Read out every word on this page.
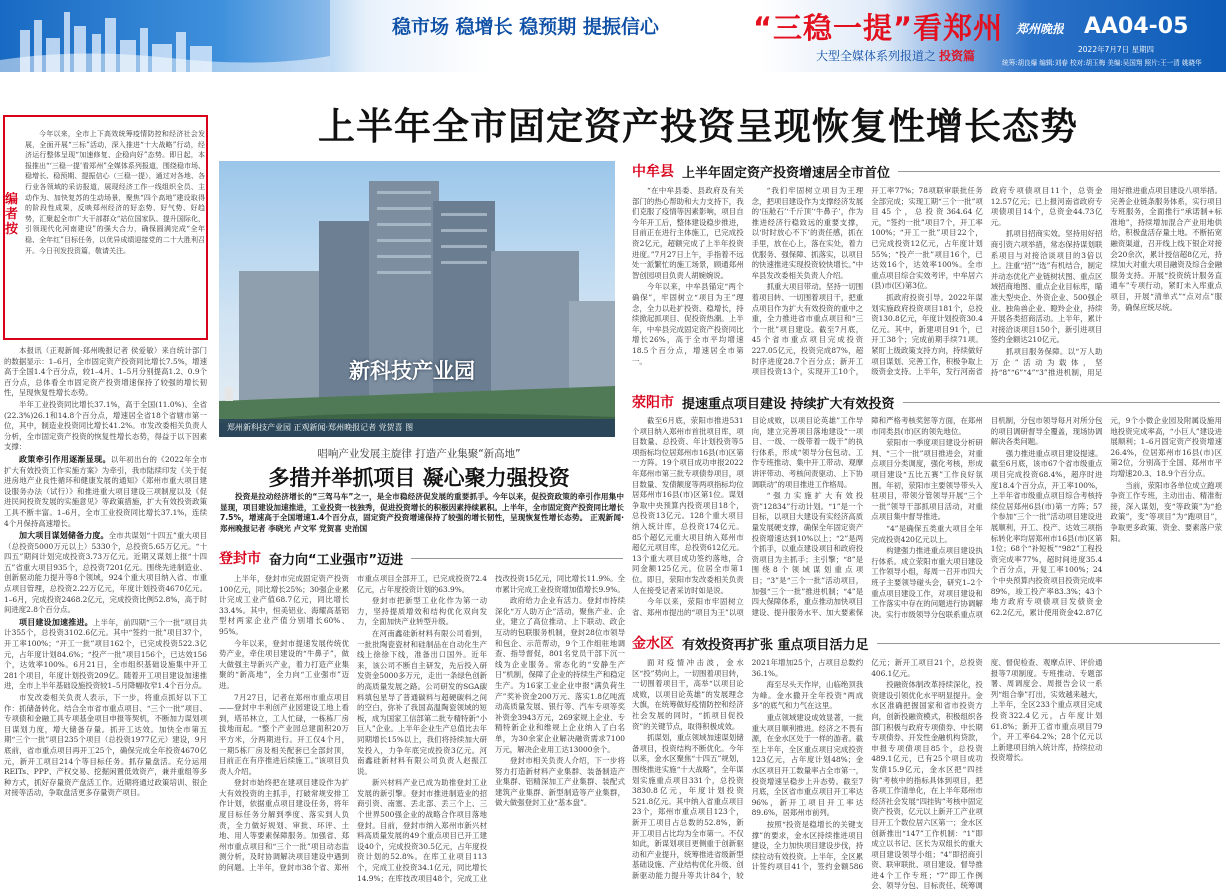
稳市场 稳增长 稳预期 提振信心	“三稳一提”看郑州
大型全媒体系列报道之 投资篇
郑州晚报 AA04-05
2022年7月7日 星期四
统筹:胡良爆 编辑:刘春 校对:胡玉梅 美编:吴国翔 照片:王一清 姚晓华
上半年全市固定资产投资呈现恢复性增长态势
编者按
今年以来，全市上下高效统筹疫情防控和经济社会发展，全面开展“三标”活动，深入推进“十大战略”行动，经济运行整体呈现“加速修复、企稳向好”态势。即日起，本报推出“‘三稳一提’看郑州”全媒体系列报道，围绕稳市场、稳增长、稳预期、提振信心（三稳一提），通过对各地、各行业各领域的采访报道，展现经济工作一线组织全员、主动作为、加快复苏的生动场景，聚焦“四个高地”建设取得的阶段性成果，反映郑州经济的好态势、好气势、好趋势，汇聚起全市广大干部群众“站位国家队、提升国际化，引领现代化河南建设”的强大合力，确保圆满完成“全年稳、全年红”目标任务，以优异成绩迎接党的二十大胜利召开。今日刊发投资篇，敬请关注。

本报讯（正观新闻·郑州晚报记者 侯爱敏）来自统计部门的数据显示：1–6月，全市固定资产投资同比增长7.5%，增速高于全国1.4个百分点，较1–4月、1–5月分别提高1.2、0.9个百分点，总体看全市固定资产投资增速保持了较强的增长韧性，呈现恢复性增长态势。

半年工业投资同比增长37.1%，高于全国(11.0%)、全省(22.3%)26.1和14.8个百分点，增速居全省18个省辖市第一位，其中，制造业投资同比增长41.2%。市发改委相关负责人分析，全市固定资产投资的恢复性增长态势，得益于以下因素支撑：

政策牵引作用逐渐显现。以年初出台的《2022年全市扩大有效投资工作实施方案》为牵引，我市陆续印发《关于促进房地产业良性循环和健康发展的通知》《郑州市重大项目建设服务办法（试行）》和推进重大项目建设三项制度以及《促进民间投资发展的实施意见》等政策措施，扩大有效投资政策工具不断丰富。1–6月，全市工业投资同比增长37.1%，连续4个月保持高速增长。

加大项目谋划储备力度。全市共谋划“十四五”重大项目（总投资5000万元以上）5330个，总投资5.65万亿元。“十四五”期间计划完成投资3.73万亿元。近期又谋划上报“十四五”省重大项目935个，总投资7201亿元。围绕先进制造业、创新驱动能力提升等8个领域，924个重大项目纳入省、市重点项目管理，总投资2.22万亿元，年度计划投资4670亿元。1–6月，完成投资2468.2亿元，完成投资比例52.8%，高于时间进度2.8个百分点。

项目建设加速推进。上半年，前四期“三个一批”项目共计355个，总投资3102.6亿元。其中“签约一批”项目37个，开工率100%；“开工一批”项目162个，已完成投资522.3亿元，占年度计划84.6%；“投产一批”项目156个，已达效156个，达效率100%。6月21日，全市组织基础设施集中开工281个项目，年度计划投资209亿。随着开工项目建设加速推进，全市上半年基础设施投资较1–5月降幅收窄1.4个百分点。

市发改委相关负责人表示，下一步，将重点抓好以下工作：抓储备转化。结合全市省市重点项目、“三个一批”项目、专项债和金融工具专项基金项目申报等契机，不断加力谋划项目谋划力度，增大储备存量。抓开工达效。加快全市第五期“三个一批”项目235个项目（总投资1977亿元）建设，9月底前，省市重点项目再开工25个，确保完成全年投资4670亿元，新开工项目214个等目标任务。抓存量盘活。充分运用REITs、PPP、产权交易、挖掘闲置低效资产，兼并重组等多种方式，抓好存量资产盘活工作。近期将通过政策培训、银企对接等活动，争取盘活更多存量资产项目。

新科技产业园
郑州新科技产业园 正观新闻·郑州晚报记者 党贺喜 图
唱响产业发展主旋律 打造产业集聚“新高地”
多措并举抓项目 凝心聚力强投资
投资是拉动经济增长的“三驾马车”之一，是全市稳经济促发展的重要抓手。今年以来，促投资政策的牵引作用集中显现，项目建设加速推进，工业投资一枝独秀，促进投资增长的积极因素持续累积。上半年，全市固定资产投资同比增长7.5%，增速高于全国增速1.4个百分点，固定资产投资增速保持了较强的增长韧性，呈现恢复性增长态势。 正观新闻·郑州晚报记者 李晓光 卢文军 党贺喜 史治国
登封市 奋力向“工业强市”迈进

上半年，登封市完成固定资产投资100亿元，同比增长25%；30强企业累计完成工业产值68.7亿元，同比增长33.4%。其中，恒美铝业、海耀高基铝型材两家企业产值分别增长60%、95%。

今年以来，登封市提速发展传统优势产业，牵住项目建设的“牛鼻子”，做大做强主导新兴产业，着力打造产业集聚的“新高地”，全力向“工业强市”迈进。

7月27日，记者在郑州市重点项目——登封中丰利创产业园建设工地上看到，塔吊林立，工人忙碌，一栋栋厂房拔地而起。“整个产业园总建面积20万平方米，分两期进行。开工仅4个月，一期5栋厂房及相关配套已全部封顶，目前正在有序推进后续施工。”该项目负责人介绍。

登封市始终把在建项目建设作为扩大有效投资的主抓手，打破常规安排工作计划，依据重点项目建设任务，将年度目标任务分解到季度、落实到人负责，全力做好规划、审批、环评、土地、用人等要素保障服务。加强省、郑州市重点项目和“三个一批”项目动态监测分析，及时协调解决项目建设中遇到的问题。上半年，登封市38个省、郑州市重点项目全部开工，已完成投资72.4亿元，占年度投资计划的63.9%。

登封市把新型工业化作为第一动力，坚持提质增效和结构优化双向发力，全面加快产业转型升级。

在河南鑫硅新材料有限公司看到，一批批陶瓷瓷材和硅制品在自动化生产线上徐徐下线，准备出口国外。近年来，该公司不断自主研发，先后投入研发资金5000多万元，走出一条绿色创新的高质量发展之路。公司研发的SGA碳料填包星导了普通碳料与超硬碳料之间的空白，弥补了我国高温陶瓷领域的短板，成为国家工信部第二批专精特新“小巨人”企业。上半年企业生产总值比去年同期增长15%以上，我们将持续加大研发投入，力争年底完成投资3亿元。河南鑫硅新材料有限公司负责人赵振江说。

新兴材料产业已成为助推登封工业发展的新引擎。登封市推进制造业的招商引资、南塞、丢北部、丢三个上、三个世界500强企业的战略合作项目落地登封。目前，登封市纳入郑州市新兴材料高质量发展的49个重点项目已开工建设40个，完成投资30.5亿元，占年度投资计划的52.8%。在库工业项目113个，完成工业投资34.1亿元，同比增长14.9%；在库技改项目48个，完成工业技改投资15亿元，同比增长11.9%。全市累计完成工业投资增加值增长9.9%。

政府给力企业有活力。登封市持续深化“万人助万企”活动，聚焦产业、企业，建立了高位推动、上下联动、政企互动的包联服务机制，登封28位市领导和包企、示范帮动，9个工作组驻地调查、指导督促，801名党员干部下沉一线为企业服务。常态化的“安静生产日”机制，保障了企业的持续生产和稳定生产。为16家工业企业申报“满负荷生产”奖补资金200万元、落实1.8亿吨流动高质量发展、银行等、汽车专项等奖补资金3943万元，269家规上企业、专精特新企业和维规上企业纳入了白名单，为30余家企业解决融资需求7100万元，解决企业用工达13000余个。

登封市相关负责人介绍，下一步将努力打造新材料产业集群、装备制造产业集群、铝精深加工产业集群、装配式建筑产业集群、新型制造等产业集群，做大做强登封工业“基本盘”。

中牟县 上半年固定资产投资增速居全市首位

“在中牟县委、县政府及有关部门的热心帮助和大力支持下，我们克服了疫情等因素影响，项目自今年开工后，整体建设稳步推进，目前正在进行主体施工，已完成投资2亿元，超额完成了上半年投资进度。”7月27日上午，手指着不远处一派繁忙的施工场景，顾通郑州智创园项目负责人胡婉婉说。

今年以来，中牟县锚定“两个确保”，牢固树立“项目为王”理念，全力以赴扩投资、稳增长，持续掀起抓项目、促投资热潮。上半年，中牟县完成固定资产投资同比增长26%，高于全市平均增速18.5个百分点，增速居全市第一。

“我们牢固树立项目为王理念，把项目建设作为支撑经济发展的‘压舱石’‘千斤顶’‘牛鼻子’，作为推进经济行稳致远的重要支撑，以‘时时放心不下’的责任感，抓在手里，放在心上，落在实处，着力优服务、强保障、抓落实，以项目的快速推进实现投资较快增长。”中牟县发改委相关负责人介绍。

抓重大项目带动。坚持一切围着项目转、一切围着项目干，把重点项目作为扩大有效投资的重中之重，全力推进省市重点项目和“三个一批”项目建设。截至7月底，45个省市重点项目完成投资227.05亿元，投资完成87%，超时序进度28.7个百分点；新开工项目投资13个，实现开工10个，开工率77%；78项联审联批任务全部完成；实现工期“三个一批”项目45个，总投资364.64亿元，“签约一批”项目7个，开工率100%；“开工一批”项目22个，已完成投资12亿元，占年度计划55%；“投产一批”项目16个，已达效16个，达效率100%。全市重点项目综合实效考评，中牟居六(县)市(区)第3位。

抓政府投资引导。2022年谋划实施政府投资项目181个，总投资130.8亿元，年度计划投资30.4亿元。其中，新建项目91个，已开工38个；完成前期手续71项。紧盯上级政策支持方向，持续做好项目谋划、完善工作，积极争取上级资金支持。上半年，发行河南省政府专项债项目11个，总资金12.57亿元；已上报河南省政府专项债项目14个，总资金44.73亿元。

抓项目招商实效。坚持用好招商引资六项举措，常态保持谋划联系项目与对接洽谈项目的3倍以上。注重“招”“选”有机结合，制定并动态优化产业链树状图、重点区域招商地图、重点企业目标库，瞄准大型央企、外资企业、500强企业、独角兽企业、瞪羚企业，持续开展各类招商活动。上半年，累计对接洽谈项目150个，新引进项目签约金额达210亿元。

抓项目服务保障。以“万人助万企”活动为载体，坚持“8”“6”“4”“3”推进机制，用足用好推进重点项目建设八项举措。完善企业链条服务体系，实行项目专班服务，全面推行“承诺制+标准地”，持续增加混合产业用地供给，积极盘活存量土地。不断拓宽融资渠道，召开线上线下银企对接会20余次，累计授信超8亿元，持续加大对重大项目融资及综合金融服务支持。开展“投资统计服务直通车”专项行动，紧盯未入库重点项目，开展“清单式”“点对点”服务，确保应统尽统。

荥阳市 提速重点项目建设 持续扩大有效投资

截至6月底，荥阳市推进531个项目纳入郑州市首批项目库，项目数量、总投资、年计划投资等5项指标均位居郑州市16县(市)区第一方阵。19个项目成功申报2022年郑州市第三批专项债券项目，项目数量、发债额度等两项指标均位居郑州市16县(市)区第1位。谋划争取中央预算内投资项目18个，总投资13亿元。128个重大项目纳入统计库，总投资174亿元。85个超亿元重大项目纳入郑州市超亿元项目库，总投资612亿元。13个重大项目成功签约落地，合同金额125亿元，位居全市第1位。即日，荥阳市发改委相关负责人在接受记者采访时如是说。

今年以来，荥阳市牢固树立省、郑州市提出的“项目为王”以项目论成败，以项目论英雄”工作导向，建立完善项目落地建设“一项目、一级、一级带着一级干”的执行体系，形成“领导分包包动、工作专班推动、集中开工带动、观摩讲评带动、考核问责驱动、上下协调联动”的项目推进工作格局。

“强力实施扩大有效投资”12834”行动计划。“1”是一个目标，以项目大建设有实经济高质量发展硬支撑，确保全年固定资产投资增速达到10%以上；“2”是两个抓手，以重点建设项目和政府投资项目为主抓手；主引擎；“8”是围绕8个领域谋划重点项目；“3”是“三个一批”活动项目，加强“三个一批”推进机制；“4”是四大保障体系，重点推动加快项目建设、提升服务水平、加大要素保障和严格考核奖惩等方面，在郑州市同类县(市)区的领先地位。

荥阳市一季度项目建设分析研判、“三个一批”项目推进会，对重点项目分类调度，强化考核，形成项目建设“五比五赛”工作良好氛围。年初，荥阳市主要领导带头入驻项目，带领分管领导开展“三个一批”领导干部抓项目活动，对重点项目集中督导推进。

“4”是确保五类重大项目全年完成投资420亿元以上。

构建强力推进重点项目建设执行体系。成立荥阳市重大项目建设工作领导小组，每周一召开市四大班子主要领导碰头会，研究1–2个重点项目建设工作，对项目建设和工作落实中存在的问题进行协调解决。实行市级领导分包联系重点项目机制，分包市领导每月对所分包的项目调研督导全覆盖，现场协调解决各类问题。

强力推进重点项目建设提速。截至6月底，该市67个省市级重点项目完成投资68.4%，超序时进度18.4个百分点，开工率100%，上半年省市级重点项目综合考核持续位居郑州6县(市)第一方阵；57个参加“三个一批”活动项目建设进展顺利，开工、投产、达效三项指标转化率均居郑州市16县(市)区第1位；68个“补短板”“982”工程投资完成率77%，超时间进度35.4个百分点，开复工率100%；24个中央预算内投资项目投资完成率89%，竣工投产率83.3%；43个地方政府专项债项目发债资金62.2亿元，累计使用资金42.87亿元，9个小微企业园及附属设施用地投资完成率高，“小巨人”建设进展顺利；1–6月固定资产投资增速26.4%，位居郑州市16县(市)区第2位，分别高于全国、郑州市平均增速20.3、18.9个百分点。

当前，荥阳市各单位成立跑项争资工作专班，主动出击、精准衔接，深入谋划，变“等政策”为“抢政策”，变“等项目”为“跑项目”，争取更多政策、资金、要素落户荥阳。

金水区 有效投资再扩张 重点项目活力足

面对疫情冲击波，金水区“投”势向上，一切围着项目转，一切围着项目干，高举“以项目论成败，以项目论英雄”的发展理念大旗，在统筹做好疫情防控和经济社会发展的同时，“抓项目促投资”的关键节点，取得积极成效。

抓谋划，重点领域加速谋划储备项目，投资结构不断优化。今年以来，金水区聚焦“十四五”规划，围绕推进实施“十大战略”，全年谋划实施重点项目331个，总投资3830.8亿元，年度计划投资521.8亿元。其中纳入省重点项目23个，郑州市重点项目123个，新开工项目占总数的52.8%，新开工项目占比均为全市第一。不仅如此，新谋划项目更侧重于创新驱动和产业提升，统筹推进省级新型基础设施、产业结构优化升级、创新驱动能力提升等共计84个，较2021年增加25个，占项目总数约36.1%。

海至尽头天作岸，山临绝顶我为峰。金水撒开全年投资“两成多”的底气和力气在这里。

重点领域建设成效显著，一批重大项目顺利推进。经济之不畏有源，在金水区处于一样的游者。截至上半年，全区重点项目完成投资123亿元，占年度计划48%；金水区项目开工数量率占全市第一，投资增速呈稳步上升态势。截至7月底，全区省市重点项目开工率达96%，新开工项目开工率达89.6%，居郑州市前列。

按照“投资是稳增长的关键支撑”的要求，金水区持续推进项目建设，全力加快项目建设步伐，持续拉动有效投资。上半年，全区累计签约项目41个，签约金额586亿元；新开工项目21个，总投资406.1亿元。

投融资体制改革持续深化，投资建设引领优化水平明显提升。金水区准确把握国家和省市投资方向，创新投融资模式，积极组织各部门积极与政府专项债券、中长期专项债券、开发性金融机构贷款，申报专项债项目85个，总投资489.1亿元，已有25个项目成功发债15.9亿元，金水区把“四挂钩”考核中的指标具体到项目，把各项工作清单化，在上半年郑州市经济社会发展“四挂钩”考核中固定资产投资，亿元以上新开工产业项目开工个数位居六区第一；金水区创新推出“147”工作机制：“1”即成立以书记、区长为双组长的重大项目建设领导小组；“4”即招商引资、联审联批、项目建设、督导推进4个工作专班；“7”即工作例会、领导分包、目标责任、统筹调度、督促检查、观摩点评、评价通报等7项制度。专班推动、专题部署、周调度会、周报告会议一系列“组合拳”打出，实效越来越大，上半年，全区233个重点项目完成投资322.4亿元，占年度计划61.8%；新开工省市重点项目79个，开工率64.2%；28个亿元以上新建项目纳入统计库，持续拉动投资增长。
